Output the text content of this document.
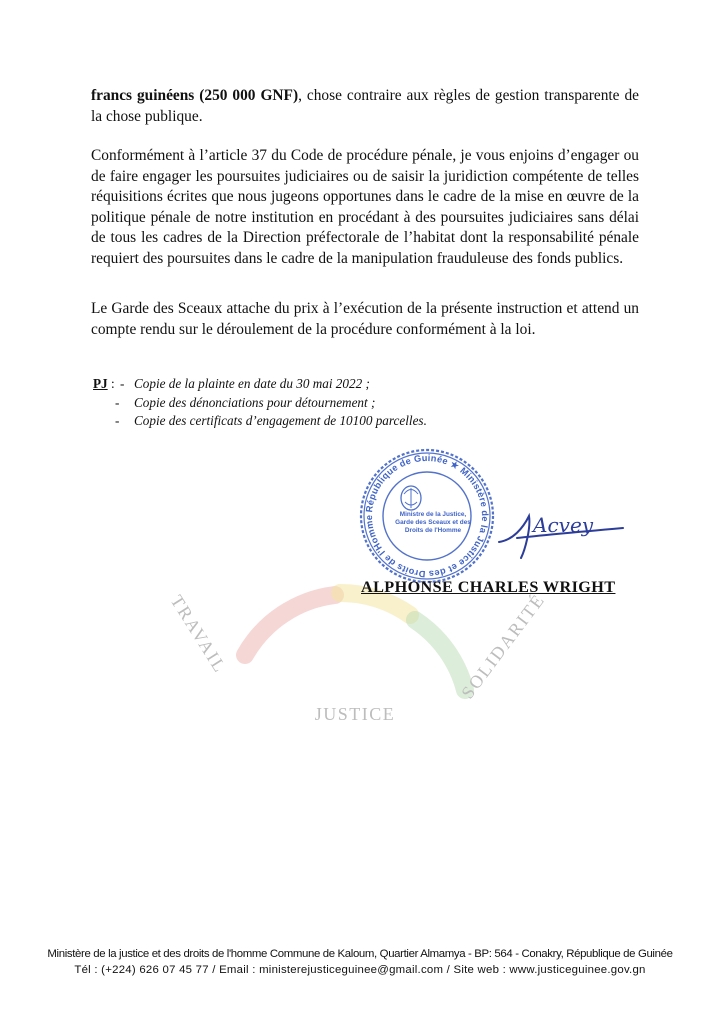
TRAVAIL
JUSTICE
SOLIDARITÉ

francs guinéens (250 000 GNF), chose contraire aux règles de gestion transparente de la chose publique.

Conformément à l’article 37 du Code de procédure pénale, je vous enjoins d’engager ou de faire engager les poursuites judiciaires ou de saisir la juridiction compétente de telles réquisitions écrites que nous jugeons opportunes dans le cadre de la mise en œuvre de la politique pénale de notre institution en procédant à des poursuites judiciaires sans délai de tous les cadres de la Direction préfectorale de l’habitat dont la responsabilité pénale requiert des poursuites dans le cadre de la manipulation frauduleuse des fonds publics.

Le Garde des Sceaux attache du prix à l’exécution de la présente instruction et attend un compte rendu sur le déroulement de la procédure conformément à la loi.

PJ : - Copie de la plainte en date du 30 mai 2022 ;
- Copie des dénonciations pour détournement ;
- Copie des certificats d’engagement de 10100 parcelles.
République de Guinée ★ Ministère de la Justice et des Droits de l'Homme	Ministre de la Justice,
Garde des Sceaux et des
Droits de l'Homme	Acvey
ALPHONSE CHARLES WRIGHT
Ministère de la justice et des droits de l'homme Commune de Kaloum, Quartier Almamya - BP: 564 - Conakry, République de Guinée
Tél : (+224) 626 07 45 77 / Email : ministerejusticeguinee@gmail.com / Site web : www.justiceguinee.gov.gn
